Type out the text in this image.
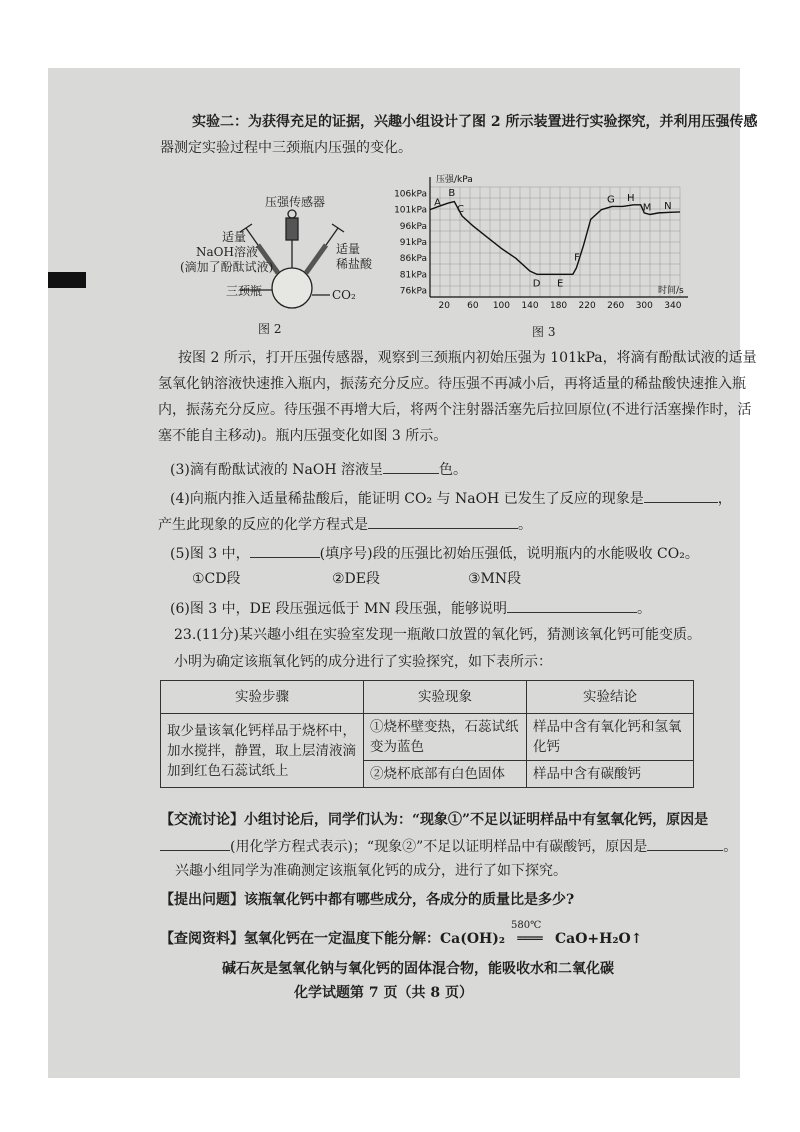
实验二：为获得充足的证据，兴趣小组设计了图 2 所示装置进行实验探究，并利用压强传感
器测定实验过程中三颈瓶内压强的变化。
压强传感器
适量
NaOH溶液
(滴加了酚酞试液)
适量
稀盐酸
三颈瓶	CO₂
图 2
106kPa
101kPa
96kPa
91kPa
86kPa
81kPa
76kPa
20 60 100 140 180 220 260 300 340
压强/kPa
时间/s
A
B
C
D E
F
G H
M N
图 3
按图 2 所示，打开压强传感器，观察到三颈瓶内初始压强为 101kPa，将滴有酚酞试液的适量
氢氧化钠溶液快速推入瓶内，振荡充分反应。待压强不再减小后，再将适量的稀盐酸快速推入瓶
内，振荡充分反应。待压强不再增大后，将两个注射器活塞先后拉回原位(不进行活塞操作时，活
塞不能自主移动)。瓶内压强变化如图 3 所示。
(3)滴有酚酞试液的 NaOH 溶液呈	色。
(4)向瓶内推入适量稀盐酸后，能证明 CO₂ 与 NaOH 已发生了反应的现象是	，
产生此现象的反应的化学方程式是	。
(5)图 3 中，	(填序号)段的压强比初始压强低，说明瓶内的水能吸收 CO₂。
①CD段	②DE段	③MN段
(6)图 3 中，DE 段压强远低于 MN 段压强，能够说明	。
23.(11分)某兴趣小组在实验室发现一瓶敞口放置的氧化钙，猜测该氧化钙可能变质。
小明为确定该瓶氧化钙的成分进行了实验探究，如下表所示：
实验步骤	实验现象	实验结论
取少量该氧化钙样品于烧杯中，加水搅拌，静置，取上层清液滴加到红色石蕊试纸上	①烧杯壁变热，石蕊试纸变为蓝色	样品中含有氧化钙和氢氧化钙
	②烧杯底部有白色固体	样品中含有碳酸钙
【交流讨论】小组讨论后，同学们认为：“现象①”不足以证明样品中有氢氧化钙，原因是
(用化学方程式表示)；“现象②”不足以证明样品中有碳酸钙，原因是	。
兴趣小组同学为准确测定该瓶氧化钙的成分，进行了如下探究。
【提出问题】该瓶氧化钙中都有哪些成分，各成分的质量比是多少?
【查阅资料】氢氧化钙在一定温度下能分解：Ca(OH)₂
580℃
═══ CaO+H₂O↑
碱石灰是氢氧化钠与氧化钙的固体混合物，能吸收水和二氧化碳
化学试题第 7 页（共 8 页）
